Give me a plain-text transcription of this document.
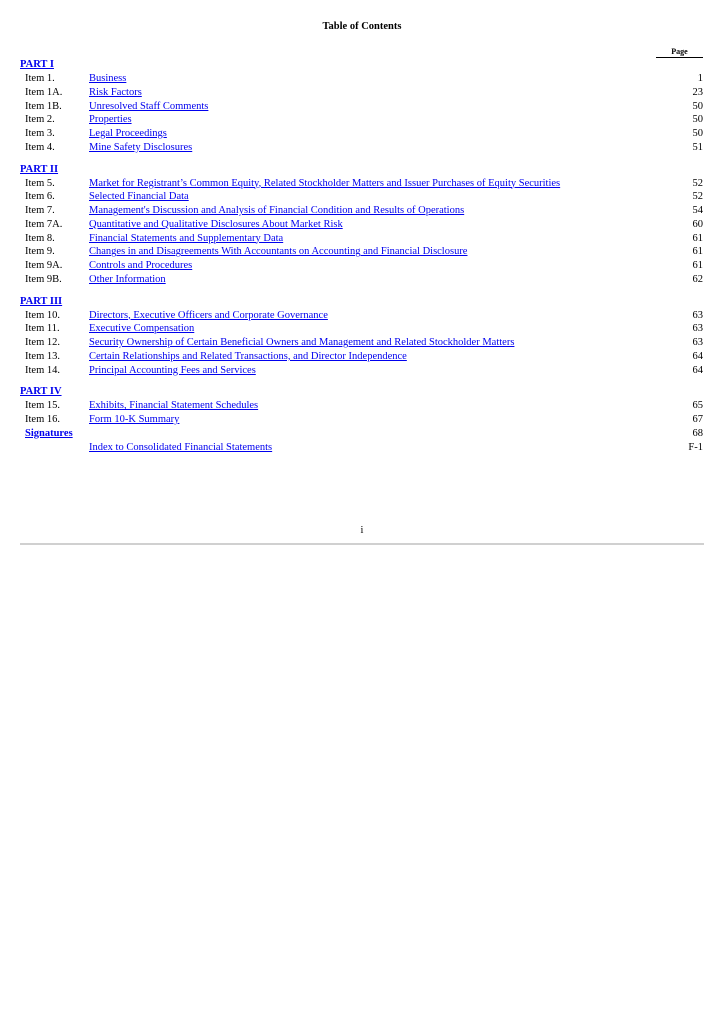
Table of Contents
Page
PART I
Item 1.	Business	1
Item 1A.	Risk Factors	23
Item 1B.	Unresolved Staff Comments	50
Item 2.	Properties	50
Item 3.	Legal Proceedings	50
Item 4.	Mine Safety Disclosures	51
PART II
Item 5.	Market for Registrant’s Common Equity, Related Stockholder Matters and Issuer Purchases of Equity Securities	52
Item 6.	Selected Financial Data	52
Item 7.	Management's Discussion and Analysis of Financial Condition and Results of Operations	54
Item 7A.	Quantitative and Qualitative Disclosures About Market Risk	60
Item 8.	Financial Statements and Supplementary Data	61
Item 9.	Changes in and Disagreements With Accountants on Accounting and Financial Disclosure	61
Item 9A.	Controls and Procedures	61
Item 9B.	Other Information	62
PART III
Item 10.	Directors, Executive Officers and Corporate Governance	63
Item 11.	Executive Compensation	63
Item 12.	Security Ownership of Certain Beneficial Owners and Management and Related Stockholder Matters	63
Item 13.	Certain Relationships and Related Transactions, and Director Independence	64
Item 14.	Principal Accounting Fees and Services	64
PART IV
Item 15.	Exhibits, Financial Statement Schedules	65
Item 16.	Form 10-K Summary	67
Signatures	68
Index to Consolidated Financial Statements	F-1
i
